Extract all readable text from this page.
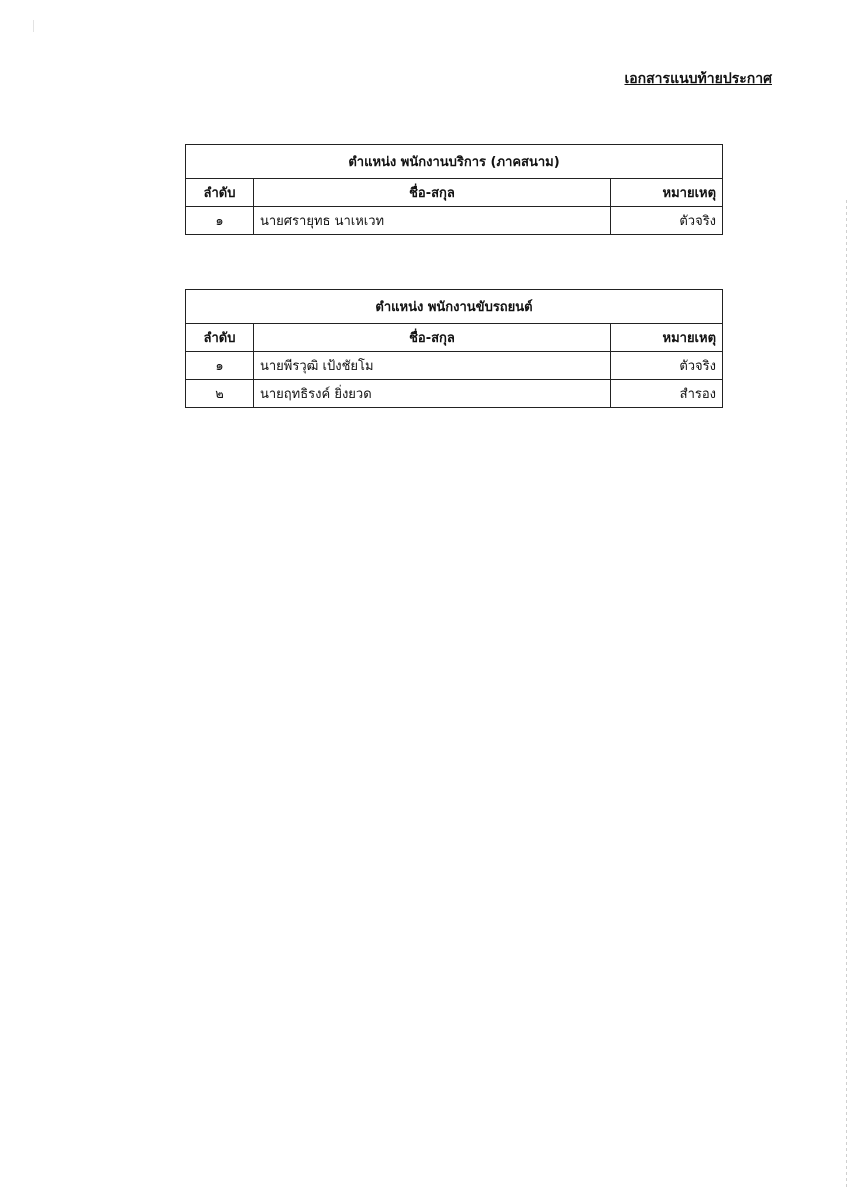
เอกสารแนบท้ายประกาศ
ตำแหน่ง พนักงานบริการ (ภาคสนาม)		
ลำดับ	ชื่อ-สกุล	หมายเหตุ
๑	นายศรายุทธ นาเหเวท	ตัวจริง
ตำแหน่ง พนักงานขับรถยนต์		
ลำดับ	ชื่อ-สกุล	หมายเหตุ
๑	นายพีรวุฒิ เป้งชัยโม	ตัวจริง
๒	นายฤทธิรงค์ ยิ่งยวด	สำรอง
